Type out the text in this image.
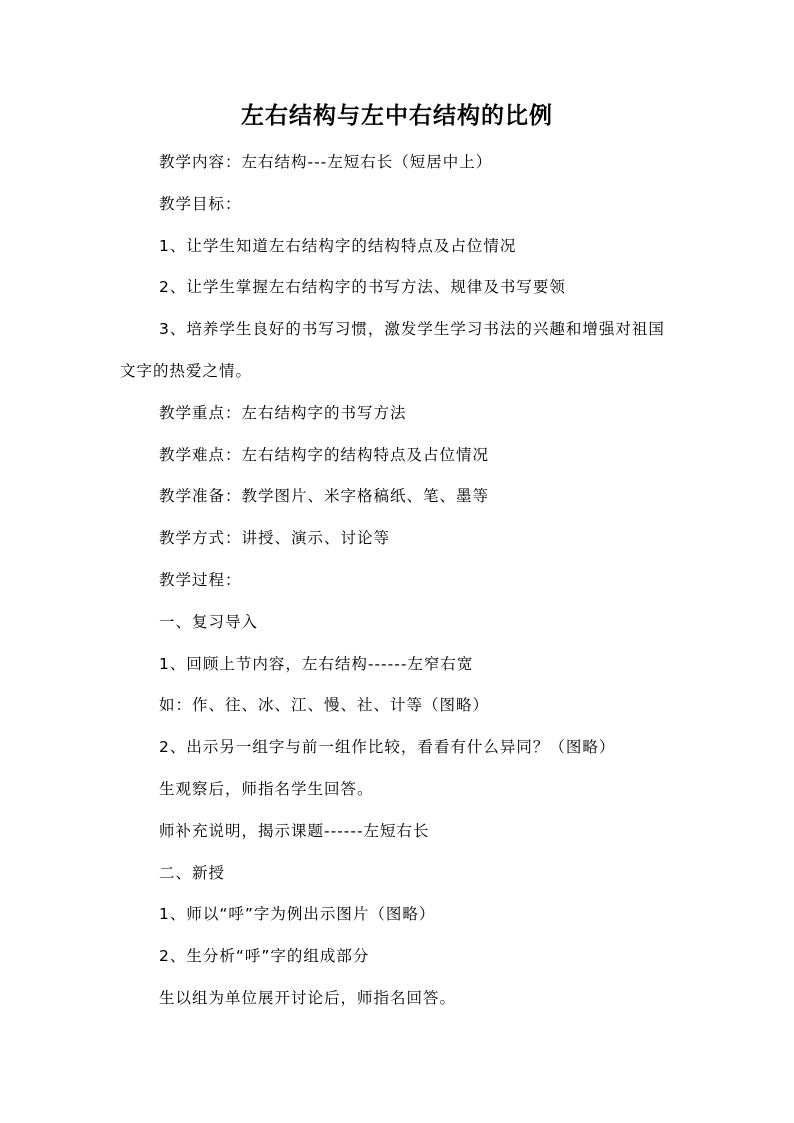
左右结构与左中右结构的比例

教学内容：左右结构---左短右长（短居中上）

教学目标：

1、让学生知道左右结构字的结构特点及占位情况

2、让学生掌握左右结构字的书写方法、规律及书写要领

3、培养学生良好的书写习惯，激发学生学习书法的兴趣和增强对祖国文字的热爱之情。

教学重点：左右结构字的书写方法

教学难点：左右结构字的结构特点及占位情况

教学准备：教学图片、米字格稿纸、笔、墨等

教学方式：讲授、演示、讨论等

教学过程：

一、复习导入

1、回顾上节内容，左右结构------左窄右宽

如：作、往、冰、江、慢、社、计等（图略）

2、出示另一组字与前一组作比较，看看有什么异同？（图略）

生观察后，师指名学生回答。

师补充说明，揭示课题------左短右长

二、新授

1、师以“呼”字为例出示图片（图略）

2、生分析“呼”字的组成部分

生以组为单位展开讨论后，师指名回答。
